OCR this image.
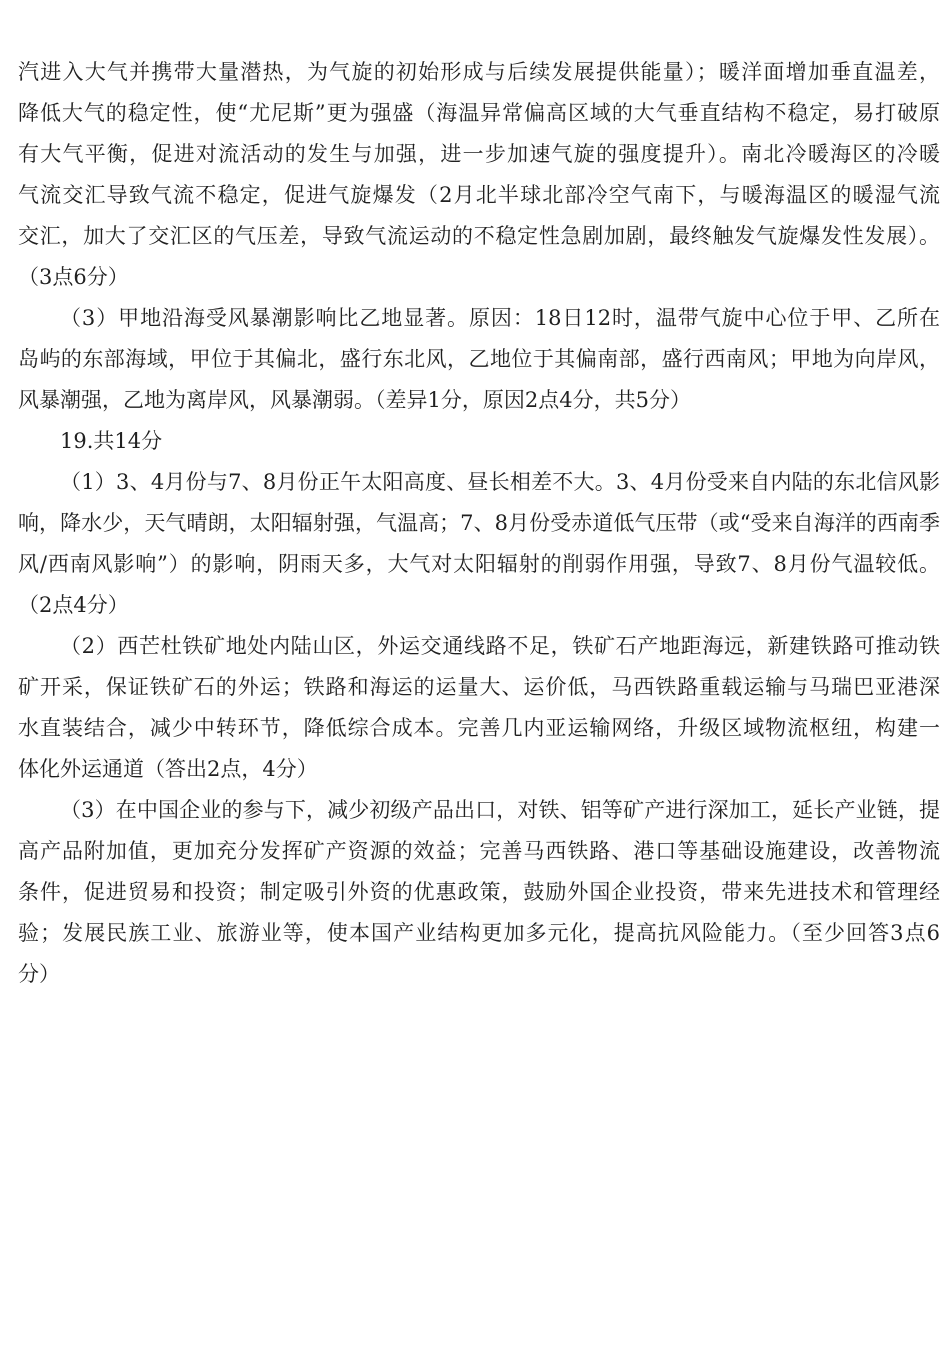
汽进入大气并携带大量潜热，为气旋的初始形成与后续发展提供能量）；暖洋面增加垂直温差，
降低大气的稳定性，使“尤尼斯”更为强盛（海温异常偏高区域的大气垂直结构不稳定，易打破原
有大气平衡，促进对流活动的发生与加强，进一步加速气旋的强度提升）。南北冷暖海区的冷暖
气流交汇导致气流不稳定，促进气旋爆发（2月北半球北部冷空气南下，与暖海温区的暖湿气流
交汇，加大了交汇区的气压差，导致气流运动的不稳定性急剧加剧，最终触发气旋爆发性发展）。
（3点6分）
（3）甲地沿海受风暴潮影响比乙地显著。原因：18日12时，温带气旋中心位于甲、乙所在
岛屿的东部海域，甲位于其偏北，盛行东北风，乙地位于其偏南部，盛行西南风；甲地为向岸风，
风暴潮强，乙地为离岸风，风暴潮弱。（差异1分，原因2点4分，共5分）
19.共14分
（1）3、4月份与7、8月份正午太阳高度、昼长相差不大。3、4月份受来自内陆的东北信风影
响，降水少，天气晴朗，太阳辐射强，气温高；7、8月份受赤道低气压带（或“受来自海洋的西南季
风/西南风影响”）的影响，阴雨天多，大气对太阳辐射的削弱作用强，导致7、8月份气温较低。
（2点4分）
（2）西芒杜铁矿地处内陆山区，外运交通线路不足，铁矿石产地距海远，新建铁路可推动铁
矿开采，保证铁矿石的外运；铁路和海运的运量大、运价低，马西铁路重载运输与马瑞巴亚港深
水直装结合，减少中转环节，降低综合成本。完善几内亚运输网络，升级区域物流枢纽，构建一
体化外运通道（答出2点，4分）
（3）在中国企业的参与下，减少初级产品出口，对铁、铝等矿产进行深加工，延长产业链，提
高产品附加值，更加充分发挥矿产资源的效益；完善马西铁路、港口等基础设施建设，改善物流
条件，促进贸易和投资；制定吸引外资的优惠政策，鼓励外国企业投资，带来先进技术和管理经
验；发展民族工业、旅游业等，使本国产业结构更加多元化，提高抗风险能力。（至少回答3点6
分）
